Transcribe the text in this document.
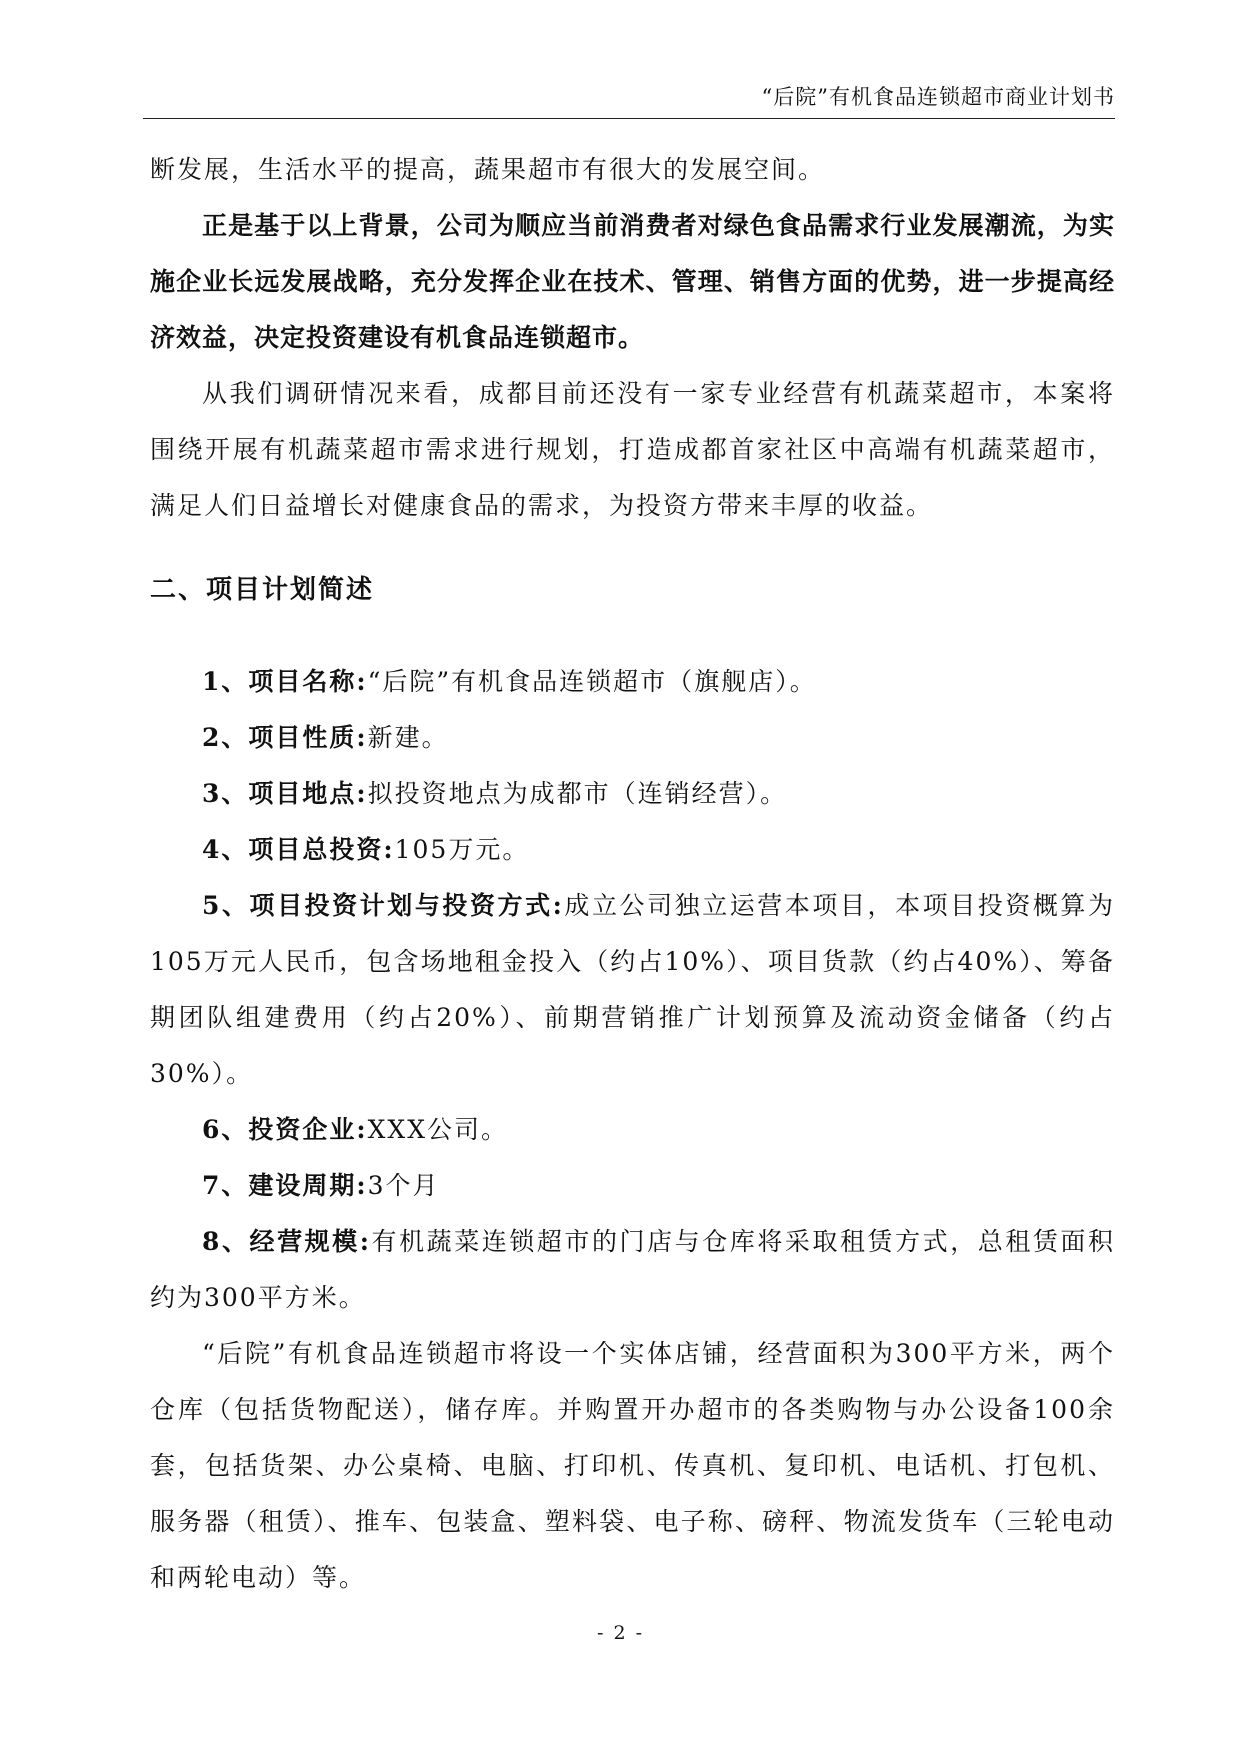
“后院”有机食品连锁超市商业计划书

断发展，生活水平的提高，蔬果超市有很大的发展空间。

正是基于以上背景，公司为顺应当前消费者对绿色食品需求行业发展潮流，为实施企业长远发展战略，充分发挥企业在技术、管理、销售方面的优势，进一步提高经济效益，决定投资建设有机食品连锁超市。

从我们调研情况来看，成都目前还没有一家专业经营有机蔬菜超市，本案将围绕开展有机蔬菜超市需求进行规划，打造成都首家社区中高端有机蔬菜超市，满足人们日益增长对健康食品的需求，为投资方带来丰厚的收益。

二、项目计划简述

1、项目名称:“后院”有机食品连锁超市（旗舰店）。

2、项目性质:新建。

3、项目地点:拟投资地点为成都市（连销经营）。

4、项目总投资:105万元。

5、项目投资计划与投资方式:成立公司独立运营本项目，本项目投资概算为105万元人民币，包含场地租金投入（约占10%）、项目货款（约占40%）、筹备期团队组建费用（约占20%）、前期营销推广计划预算及流动资金储备（约占30%）。

6、投资企业:XXX公司。

7、建设周期:3个月

8、经营规模:有机蔬菜连锁超市的门店与仓库将采取租赁方式，总租赁面积约为300平方米。

“后院”有机食品连锁超市将设一个实体店铺，经营面积为300平方米，两个仓库（包括货物配送），储存库。并购置开办超市的各类购物与办公设备100余套，包括货架、办公桌椅、电脑、打印机、传真机、复印机、电话机、打包机、服务器（租赁）、推车、包装盒、塑料袋、电子称、磅秤、物流发货车（三轮电动和两轮电动）等。

- 2 -
